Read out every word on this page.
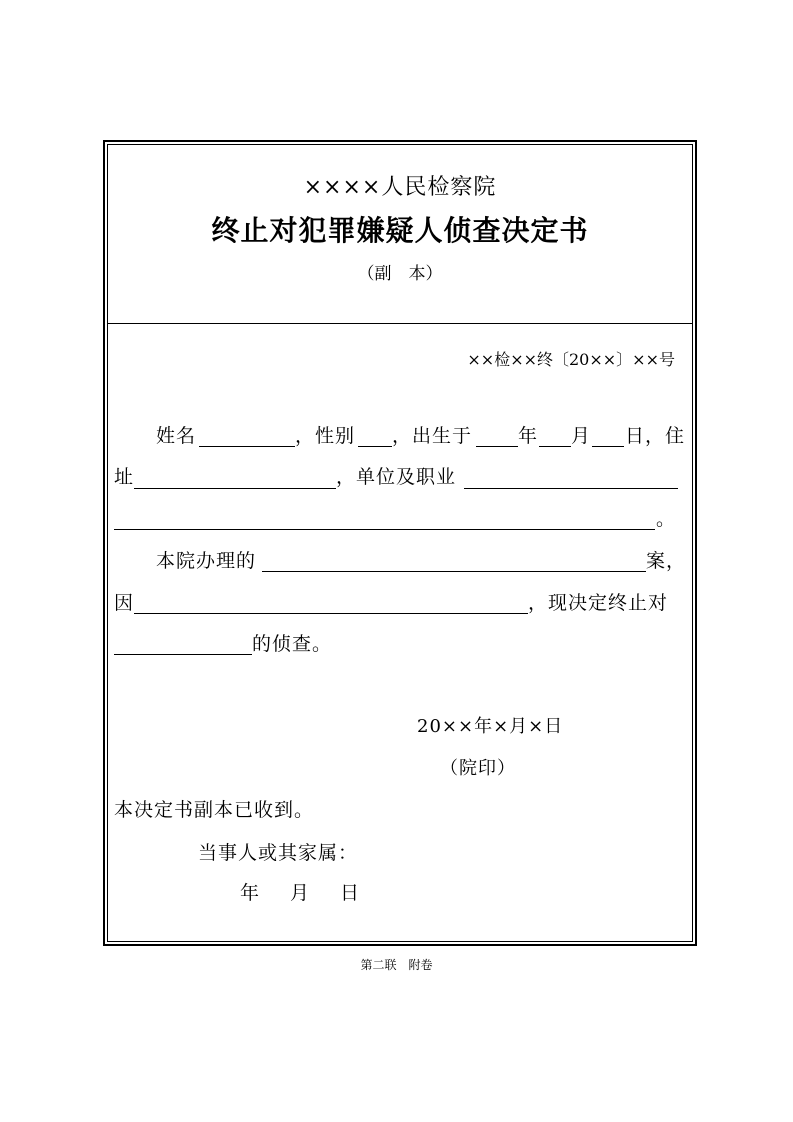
××××人民检察院
终止对犯罪嫌疑人侦查决定书
（副　本）
××检××终〔20××〕××号
姓名	，性别 ，出生于 年 月 日，住
址	，单位及职业
。
本院办理的	案，
因	，现决定终止对
的侦查。
20××年×月×日
（院印）
本决定书副本已收到。
当事人或其家属：
年　月　日
第二联　附卷
